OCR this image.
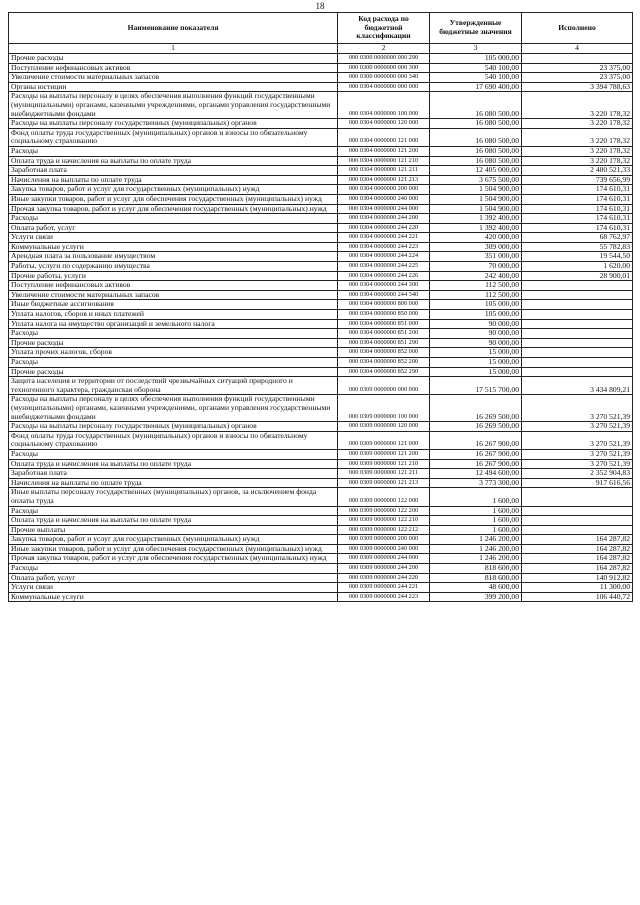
18
Наименование показателя	Код расхода по бюджетной классификации	Утвержденные бюджетные значения	Исполнено
1	2	3	4
Прочие расходы	000 0300 0000000 000 290	105 000,00	
Поступление нефинансовых активов	000 0300 0000000 000 300	540 100,00	23 375,00
Увеличение стоимости материальных запасов	000 0300 0000000 000 340	540 100,00	23 375,00
Органы юстиции	000 0304 0000000 000 000	17 690 400,00	3 394 788,63
Расходы на выплаты персоналу в целях обеспечения выполнения функций государственными (муниципальными) органами, казенными учреждениями, органами управления государственными внебюджетными фондами	000 0304 0000000 100 000	16 080 500,00	3 220 178,32
Расходы на выплаты персоналу государственных (муниципальных) органов	000 0304 0000000 120 000	16 080 500,00	3 220 178,32
Фонд оплаты труда государственных (муниципальных) органов и взносы по обязательному социальному страхованию	000 0304 0000000 121 000	16 080 500,00	3 220 178,32
Расходы	000 0304 0000000 121 200	16 080 500,00	3 220 178,32
Оплата труда и начисления на выплаты по оплате труда	000 0304 0000000 121 210	16 080 500,00	3 220 178,32
Заработная плата	000 0304 0000000 121 211	12 405 000,00	2 480 521,33
Начисления на выплаты по оплате труда	000 0304 0000000 121 213	3 675 500,00	739 656,99
Закупка товаров, работ и услуг для государственных (муниципальных) нужд	000 0304 0000000 200 000	1 504 900,00	174 610,31
Иные закупки товаров, работ и услуг для обеспечения государственных (муниципальных) нужд	000 0304 0000000 240 000	1 504 900,00	174 610,31
Прочая закупка товаров, работ и услуг для обеспечения государственных (муниципальных) нужд	000 0304 0000000 244 000	1 504 900,00	174 610,31
Расходы	000 0304 0000000 244 200	1 392 400,00	174 610,31
Оплата работ, услуг	000 0304 0000000 244 220	1 392 400,00	174 610,31
Услуги связи	000 0304 0000000 244 221	420 000,00	68 762,97
Коммунальные услуги	000 0304 0000000 244 223	309 000,00	55 782,83
Арендная плата за пользование имуществом	000 0304 0000000 244 224	351 000,00	19 544,50
Работы, услуги по содержанию имущества	000 0304 0000000 244 225	70 000,00	1 620,00
Прочие работы, услуги	000 0304 0000000 244 226	242 400,00	28 900,01
Поступление нефинансовых активов	000 0304 0000000 244 300	112 500,00	
Увеличение стоимости материальных запасов	000 0304 0000000 244 340	112 500,00	
Иные бюджетные ассигнования	000 0304 0000000 800 000	105 000,00	
Уплата налогов, сборов и иных платежей	000 0304 0000000 850 000	105 000,00	
Уплата налога на имущество организаций и земельного налога	000 0304 0000000 851 000	90 000,00	
Расходы	000 0304 0000000 851 200	90 000,00	
Прочие расходы	000 0304 0000000 851 290	90 000,00	
Уплата прочих налогов, сборов	000 0304 0000000 852 000	15 000,00	
Расходы	000 0304 0000000 852 200	15 000,00	
Прочие расходы	000 0304 0000000 852 290	15 000,00	
Защита населения и территории от последствий чрезвычайных ситуаций природного и техногенного характера, гражданская оборона	000 0309 0000000 000 000	17 515 700,00	3 434 809,21
Расходы на выплаты персоналу в целях обеспечения выполнения функций государственными (муниципальными) органами, казенными учреждениями, органами управления государственными внебюджетными фондами	000 0309 0000000 100 000	16 269 500,00	3 270 521,39
Расходы на выплаты персоналу государственных (муниципальных) органов	000 0309 0000000 120 000	16 269 500,00	3 270 521,39
Фонд оплаты труда государственных (муниципальных) органов и взносы по обязательному социальному страхованию	000 0309 0000000 121 000	16 267 900,00	3 270 521,39
Расходы	000 0309 0000000 121 200	16 267 900,00	3 270 521,39
Оплата труда и начисления на выплаты по оплате труда	000 0309 0000000 121 210	16 267 900,00	3 270 521,39
Заработная плата	000 0309 0000000 121 211	12 494 600,00	2 352 904,83
Начисления на выплаты по оплате труда	000 0309 0000000 121 213	3 773 300,00	917 616,56
Иные выплаты персоналу государственных (муниципальных) органов, за исключением фонда оплаты труда	000 0309 0000000 122 000	1 600,00	
Расходы	000 0309 0000000 122 200	1 600,00	
Оплата труда и начисления на выплаты по оплате труда	000 0309 0000000 122 210	1 600,00	
Прочие выплаты	000 0309 0000000 122 212	1 600,00	
Закупка товаров, работ и услуг для государственных (муниципальных) нужд	000 0309 0000000 200 000	1 246 200,00	164 287,82
Иные закупки товаров, работ и услуг для обеспечения государственных (муниципальных) нужд	000 0309 0000000 240 000	1 246 200,00	164 287,82
Прочая закупка товаров, работ и услуг для обеспечения государственных (муниципальных) нужд	000 0309 0000000 244 000	1 246 200,00	164 287,82
Расходы	000 0309 0000000 244 200	818 600,00	164 287,82
Оплата работ, услуг	000 0309 0000000 244 220	818 600,00	140 912,82
Услуги связи	000 0309 0000000 244 221	48 600,00	11 300,00
Коммунальные услуги	000 0309 0000000 244 223	399 200,00	106 440,72
